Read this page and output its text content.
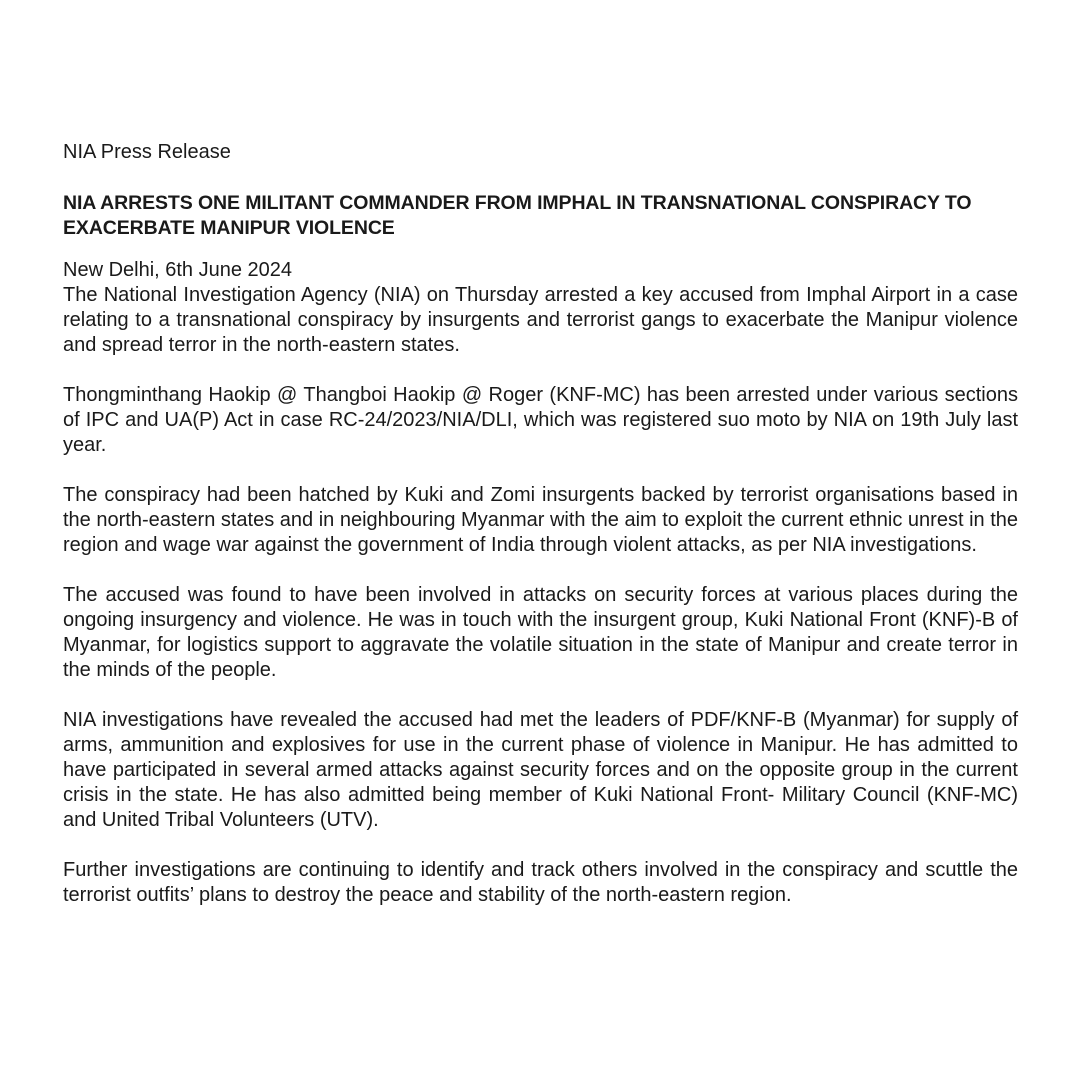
NIA Press Release

NIA ARRESTS ONE MILITANT COMMANDER FROM IMPHAL IN TRANSNATIONAL CONSPIRACY TO EXACERBATE MANIPUR VIOLENCE

New Delhi, 6th June 2024

The National Investigation Agency (NIA) on Thursday arrested a key accused from Imphal Airport in a case relating to a transnational conspiracy by insurgents and terrorist gangs to exacerbate the Manipur violence and spread terror in the north-eastern states.

Thongminthang Haokip @ Thangboi Haokip @ Roger (KNF-MC) has been arrested under various sections of IPC and UA(P) Act in case RC-24/2023/NIA/DLI, which was registered suo moto by NIA on 19th July last year.

The conspiracy had been hatched by Kuki and Zomi insurgents backed by terrorist organisations based in the north-eastern states and in neighbouring Myanmar with the aim to exploit the current ethnic unrest in the region and wage war against the government of India through violent attacks, as per NIA investigations.

The accused was found to have been involved in attacks on security forces at various places during the ongoing insurgency and violence. He was in touch with the insurgent group, Kuki National Front (KNF)-B of Myanmar, for logistics support to aggravate the volatile situation in the state of Manipur and create terror in the minds of the people.

NIA investigations have revealed the accused had met the leaders of PDF/KNF-B (Myanmar) for supply of arms, ammunition and explosives for use in the current phase of violence in Manipur. He has admitted to have participated in several armed attacks against security forces and on the opposite group in the current crisis in the state. He has also admitted being member of Kuki National Front- Military Council (KNF-MC) and United Tribal Volunteers (UTV).

Further investigations are continuing to identify and track others involved in the conspiracy and scuttle the terrorist outfits’ plans to destroy the peace and stability of the north-eastern region.
